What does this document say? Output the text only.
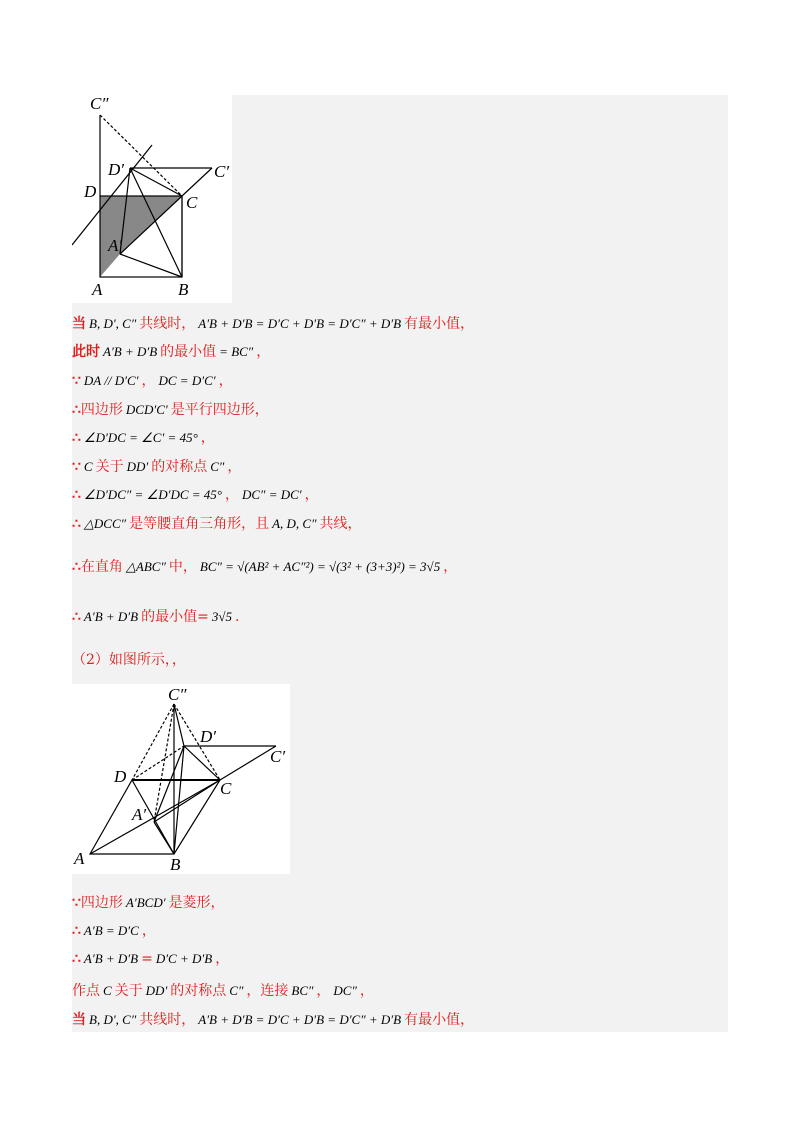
C″
D′	C′
D
C
A′
A	B
当 B, D′, C″ 共线时， A′B + D′B = D′C + D′B = D′C″ + D′B 有最小值，
此时 A′B + D′B 的最小值 = BC″ ，
∵ DA // D′C′ ， DC = D′C′ ，
∴四边形 DCD′C′ 是平行四边形，
∴ ∠D′DC = ∠C′ = 45° ，
∵ C 关于 DD′ 的对称点 C″ ，
∴ ∠D′DC″ = ∠D′DC = 45° ， DC″ = DC′ ，
∴ △DCC″ 是等腰直角三角形，且 A, D, C″ 共线，
∴在直角 △ABC″ 中， BC″ = √(AB² + AC″²) = √(3² + (3+3)²) = 3√5 ，
∴ A′B + D′B 的最小值= 3√5 .
（2）如图所示，，
C″
D′
C′
D
C
A′
A	B
∵四边形 A′BCD′ 是菱形，
∴ A′B = D′C ，
∴ A′B + D′B = D′C + D′B ，
作点 C 关于 DD′ 的对称点 C″ ，连接 BC″ ， DC″ ，
当 B, D′, C″ 共线时， A′B + D′B = D′C + D′B = D′C″ + D′B 有最小值，
